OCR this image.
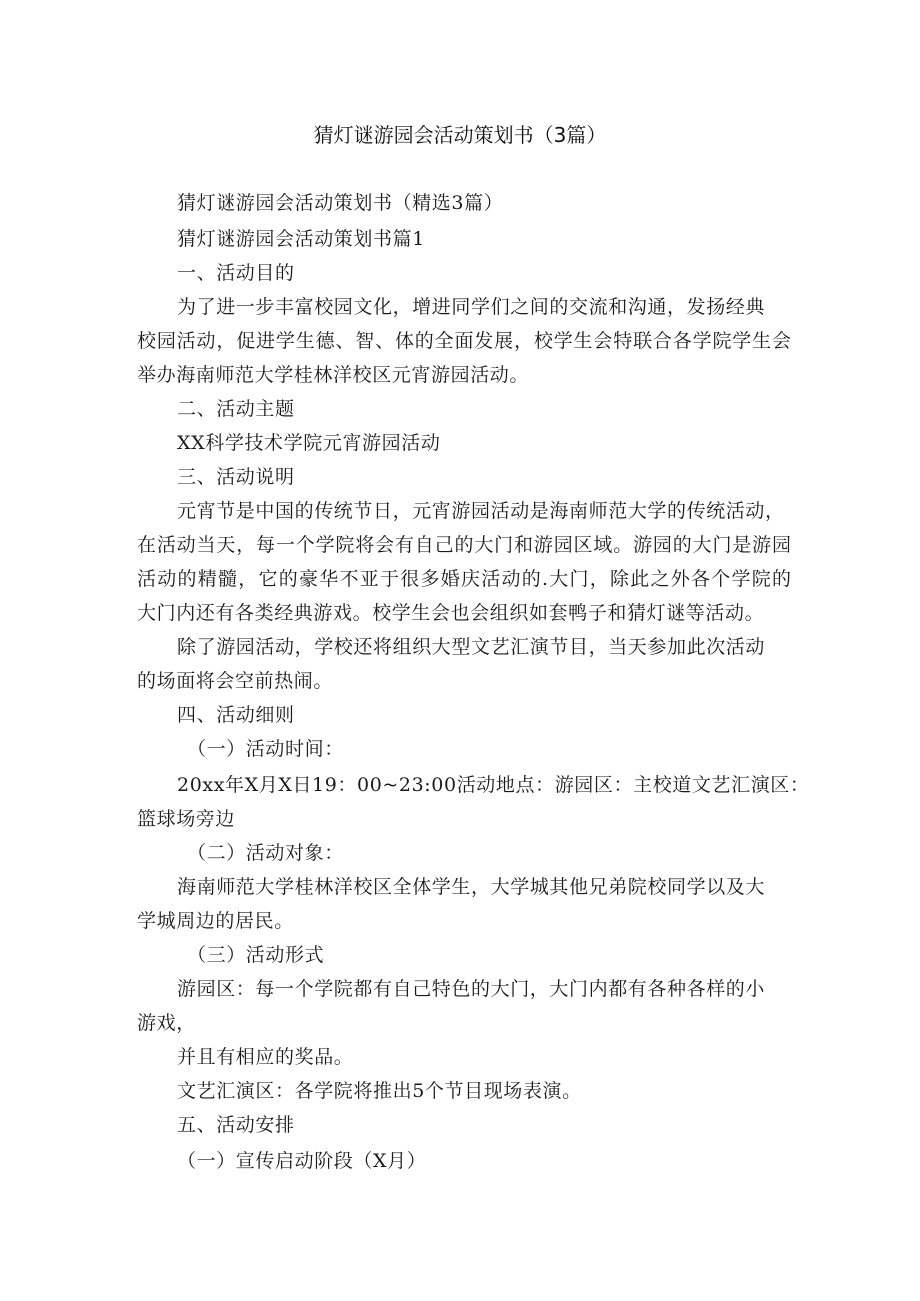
猜灯谜游园会活动策划书（3篇）
猜灯谜游园会活动策划书（精选3篇）
猜灯谜游园会活动策划书篇1
一、活动目的
为了进一步丰富校园文化，增进同学们之间的交流和沟通，发扬经典
校园活动，促进学生德、智、体的全面发展，校学生会特联合各学院学生会
举办海南师范大学桂林洋校区元宵游园活动。
二、活动主题
XX科学技术学院元宵游园活动
三、活动说明
元宵节是中国的传统节日，元宵游园活动是海南师范大学的传统活动，
在活动当天，每一个学院将会有自己的大门和游园区域。游园的大门是游园
活动的精髓，它的豪华不亚于很多婚庆活动的.大门，除此之外各个学院的
大门内还有各类经典游戏。校学生会也会组织如套鸭子和猜灯谜等活动。
除了游园活动，学校还将组织大型文艺汇演节目，当天参加此次活动
的场面将会空前热闹。
四、活动细则
（一）活动时间：
20xx年X月X日19：00~23:00活动地点：游园区：主校道文艺汇演区：
篮球场旁边
（二）活动对象：
海南师范大学桂林洋校区全体学生，大学城其他兄弟院校同学以及大
学城周边的居民。
（三）活动形式
游园区：每一个学院都有自己特色的大门，大门内都有各种各样的小
游戏，
并且有相应的奖品。
文艺汇演区：各学院将推出5个节目现场表演。
五、活动安排
（一）宣传启动阶段（X月）
